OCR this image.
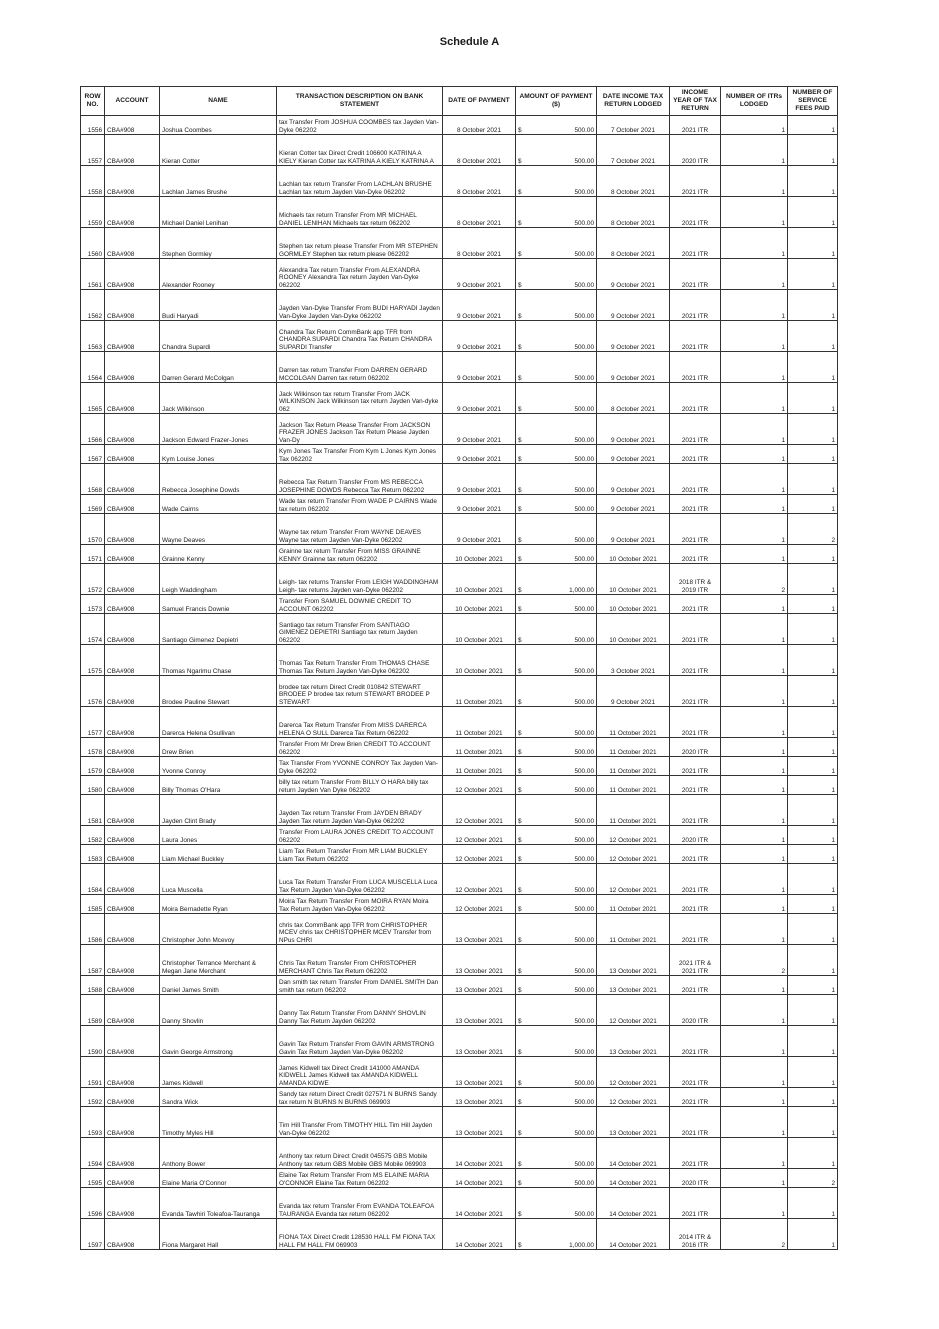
Schedule A
ROW NO.	ACCOUNT	NAME	TRANSACTION DESCRIPTION ON BANK STATEMENT	DATE OF PAYMENT	AMOUNT OF PAYMENT ($)	DATE INCOME TAX RETURN LODGED	INCOME YEAR OF TAX RETURN	NUMBER OF ITRs LODGED	NUMBER OF SERVICE FEES PAID
1556	CBA#908	Joshua Coombes	tax Transfer From JOSHUA COOMBES tax Jayden Van-Dyke 062202	8 October 2021	$ 500.00	7 October 2021	2021 ITR	1	1
1557	CBA#908	Kieran Cotter	Kieran Cotter tax Direct Credit 106600 KATRINA A KIELY Kieran Cotter tax KATRINA A KIELY KATRINA A	8 October 2021	$ 500.00	7 October 2021	2020 ITR	1	1
1558	CBA#908	Lachlan James Brushe	Lachlan tax return Transfer From LACHLAN BRUSHE Lachlan tax return Jayden Van-Dyke 062202	8 October 2021	$ 500.00	8 October 2021	2021 ITR	1	1
1559	CBA#908	Michael Daniel Lenihan	Michaels tax return Transfer From MR MICHAEL DANIEL LENIHAN Michaels tax return 062202	8 October 2021	$ 500.00	8 October 2021	2021 ITR	1	1
1560	CBA#908	Stephen Gormley	Stephen tax return please Transfer From MR STEPHEN GORMLEY Stephen tax return please 062202	8 October 2021	$ 500.00	8 October 2021	2021 ITR	1	1
1561	CBA#908	Alexander Rooney	Alexandra Tax return Transfer From ALEXANDRA ROONEY Alexandra Tax return Jayden Van-Dyke 062202	9 October 2021	$ 500.00	9 October 2021	2021 ITR	1	1
1562	CBA#908	Budi Haryadi	Jayden Van-Dyke Transfer From BUDI HARYADI Jayden Van-Dyke Jayden Van-Dyke 062202	9 October 2021	$ 500.00	9 October 2021	2021 ITR	1	1
1563	CBA#908	Chandra Supardi	Chandra Tax Return CommBank app TFR from CHANDRA SUPARDI Chandra Tax Return CHANDRA SUPARDI Transfer	9 October 2021	$ 500.00	9 October 2021	2021 ITR	1	1
1564	CBA#908	Darren Gerard McColgan	Darren tax return Transfer From DARREN GERARD MCCOLGAN Darren tax return 062202	9 October 2021	$ 500.00	9 October 2021	2021 ITR	1	1
1565	CBA#908	Jack Wilkinson	Jack Wilkinson tax return Transfer From JACK WILKINSON Jack Wilkinson tax return Jayden Van-dyke 062	9 October 2021	$ 500.00	8 October 2021	2021 ITR	1	1
1566	CBA#908	Jackson Edward Frazer-Jones	Jackson Tax Return Please Transfer From JACKSON FRAZER JONES Jackson Tax Return Please Jayden Van-Dy	9 October 2021	$ 500.00	9 October 2021	2021 ITR	1	1
1567	CBA#908	Kym Louise Jones	Kym Jones Tax Transfer From Kym L Jones Kym Jones Tax 062202	9 October 2021	$ 500.00	9 October 2021	2021 ITR	1	1
1568	CBA#908	Rebecca Josephine Dowds	Rebecca Tax Return Transfer From MS REBECCA JOSEPHINE DOWDS Rebecca Tax Return 062202	9 October 2021	$ 500.00	9 October 2021	2021 ITR	1	1
1569	CBA#908	Wade Cairns	Wade tax return Transfer From WADE P CAIRNS Wade tax return 062202	9 October 2021	$ 500.00	9 October 2021	2021 ITR	1	1
1570	CBA#908	Wayne Deaves	Wayne tax return Transfer From WAYNE DEAVES Wayne tax return Jayden Van-Dyke 062202	9 October 2021	$ 500.00	9 October 2021	2021 ITR	1	2
1571	CBA#908	Grainne Kenny	Grainne tax return Transfer From MISS GRAINNE KENNY Grainne tax return 062202	10 October 2021	$ 500.00	10 October 2021	2021 ITR	1	1
1572	CBA#908	Leigh Waddingham	Leigh- tax returns Transfer From LEIGH WADDINGHAM Leigh- tax returns Jayden van-Dyke 062202	10 October 2021	$ 1,000.00	10 October 2021	2018 ITR & 2019 ITR	2	1
1573	CBA#908	Samuel Francis Downie	Transfer From SAMUEL DOWNIE CREDIT TO ACCOUNT 062202	10 October 2021	$ 500.00	10 October 2021	2021 ITR	1	1
1574	CBA#908	Santiago Gimenez Depietri	Santiago tax return Transfer From SANTIAGO GIMENEZ DEPIETRI Santiago tax return Jayden 062202	10 October 2021	$ 500.00	10 October 2021	2021 ITR	1	1
1575	CBA#908	Thomas Ngarimu Chase	Thomas Tax Return Transfer From THOMAS CHASE Thomas Tax Return Jayden Van-Dyke 062202	10 October 2021	$ 500.00	3 October 2021	2021 ITR	1	1
1576	CBA#908	Brodee Pauline Stewart	brodee tax return Direct Credit 010842 STEWART BRODEE P brodee tax return STEWART BRODEE P STEWART	11 October 2021	$ 500.00	9 October 2021	2021 ITR	1	1
1577	CBA#908	Darerca Helena Osullivan	Darerca Tax Return Transfer From MISS DARERCA HELENA O SULL Darerca Tax Return 062202	11 October 2021	$ 500.00	11 October 2021	2021 ITR	1	1
1578	CBA#908	Drew Brien	Transfer From Mr Drew Brien CREDIT TO ACCOUNT 062202	11 October 2021	$ 500.00	11 October 2021	2020 ITR	1	1
1579	CBA#908	Yvonne Conroy	Tax Transfer From YVONNE CONROY Tax Jayden Van-Dyke 062202	11 October 2021	$ 500.00	11 October 2021	2021 ITR	1	1
1580	CBA#908	Billy Thomas O'Hara	billy tax return Transfer From BILLY O HARA billy tax return Jayden Van Dyke 062202	12 October 2021	$ 500.00	11 October 2021	2021 ITR	1	1
1581	CBA#908	Jayden Clint Brady	Jayden Tax return Transfer From JAYDEN BRADY Jayden Tax return Jayden Van-Dyke 062202	12 October 2021	$ 500.00	11 October 2021	2021 ITR	1	1
1582	CBA#908	Laura Jones	Transfer From LAURA JONES CREDIT TO ACCOUNT 062202	12 October 2021	$ 500.00	12 October 2021	2020 ITR	1	1
1583	CBA#908	Liam Michael Buckley	Liam Tax Return Transfer From MR LIAM BUCKLEY Liam Tax Return 062202	12 October 2021	$ 500.00	12 October 2021	2021 ITR	1	1
1584	CBA#908	Luca Muscella	Luca Tax Return Transfer From LUCA MUSCELLA Luca Tax Return Jayden Van-Dyke 062202	12 October 2021	$ 500.00	12 October 2021	2021 ITR	1	1
1585	CBA#908	Moira Bernadette Ryan	Moira Tax Return Transfer From MOIRA RYAN Moira Tax Return Jayden Van-Dyke 062202	12 October 2021	$ 500.00	11 October 2021	2021 ITR	1	1
1586	CBA#908	Christopher John Mcevoy	chris tax CommBank app TFR from CHRISTOPHER MCEV chris tax CHRISTOPHER MCEV Transfer from NPus CHRI	13 October 2021	$ 500.00	11 October 2021	2021 ITR	1	1
1587	CBA#908	Christopher Terrance Merchant & Megan Jane Merchant	Chris Tax Return Transfer From CHRISTOPHER MERCHANT Chris Tax Return 062202	13 October 2021	$ 500.00	13 October 2021	2021 ITR & 2021 ITR	2	1
1588	CBA#908	Daniel James Smith	Dan smith tax return Transfer From DANIEL SMITH Dan smith tax return 062202	13 October 2021	$ 500.00	13 October 2021	2021 ITR	1	1
1589	CBA#908	Danny Shovlin	Danny Tax Return Transfer From DANNY SHOVLIN Danny Tax Return Jayden 062202	13 October 2021	$ 500.00	12 October 2021	2020 ITR	1	1
1590	CBA#908	Gavin George Armstrong	Gavin Tax Return Transfer From GAVIN ARMSTRONG Gavin Tax Return Jayden Van-Dyke 062202	13 October 2021	$ 500.00	13 October 2021	2021 ITR	1	1
1591	CBA#908	James Kidwell	James Kidwell tax Direct Credit 141000 AMANDA KIDWELL James Kidwell tax AMANDA KIDWELL AMANDA KIDWE	13 October 2021	$ 500.00	12 October 2021	2021 ITR	1	1
1592	CBA#908	Sandra Wick	Sandy tax return Direct Credit 027571 N BURNS Sandy tax return N BURNS N BURNS 069903	13 October 2021	$ 500.00	12 October 2021	2021 ITR	1	1
1593	CBA#908	Timothy Myles Hill	Tim Hill Transfer From TIMOTHY HILL Tim Hill Jayden Van-Dyke 062202	13 October 2021	$ 500.00	13 October 2021	2021 ITR	1	1
1594	CBA#908	Anthony Bower	Anthony tax return Direct Credit 045575 GBS Mobile Anthony tax return GBS Mobile GBS Mobile 069903	14 October 2021	$ 500.00	14 October 2021	2021 ITR	1	1
1595	CBA#908	Elaine Maria O'Connor	Elaine Tax Return Transfer From MS ELAINE MARIA O'CONNOR Elaine Tax Return 062202	14 October 2021	$ 500.00	14 October 2021	2020 ITR	1	2
1596	CBA#908	Evanda Tawhiri Toleafoa-Tauranga	Evanda tax return Transfer From EVANDA TOLEAFOA TAURANGA Evanda tax return 062202	14 October 2021	$ 500.00	14 October 2021	2021 ITR	1	1
1597	CBA#908	Fiona Margaret Hall	FIONA TAX Direct Credit 128530 HALL FM FIONA TAX HALL FM HALL FM 069903	14 October 2021	$ 1,000.00	14 October 2021	2014 ITR & 2016 ITR	2	1
